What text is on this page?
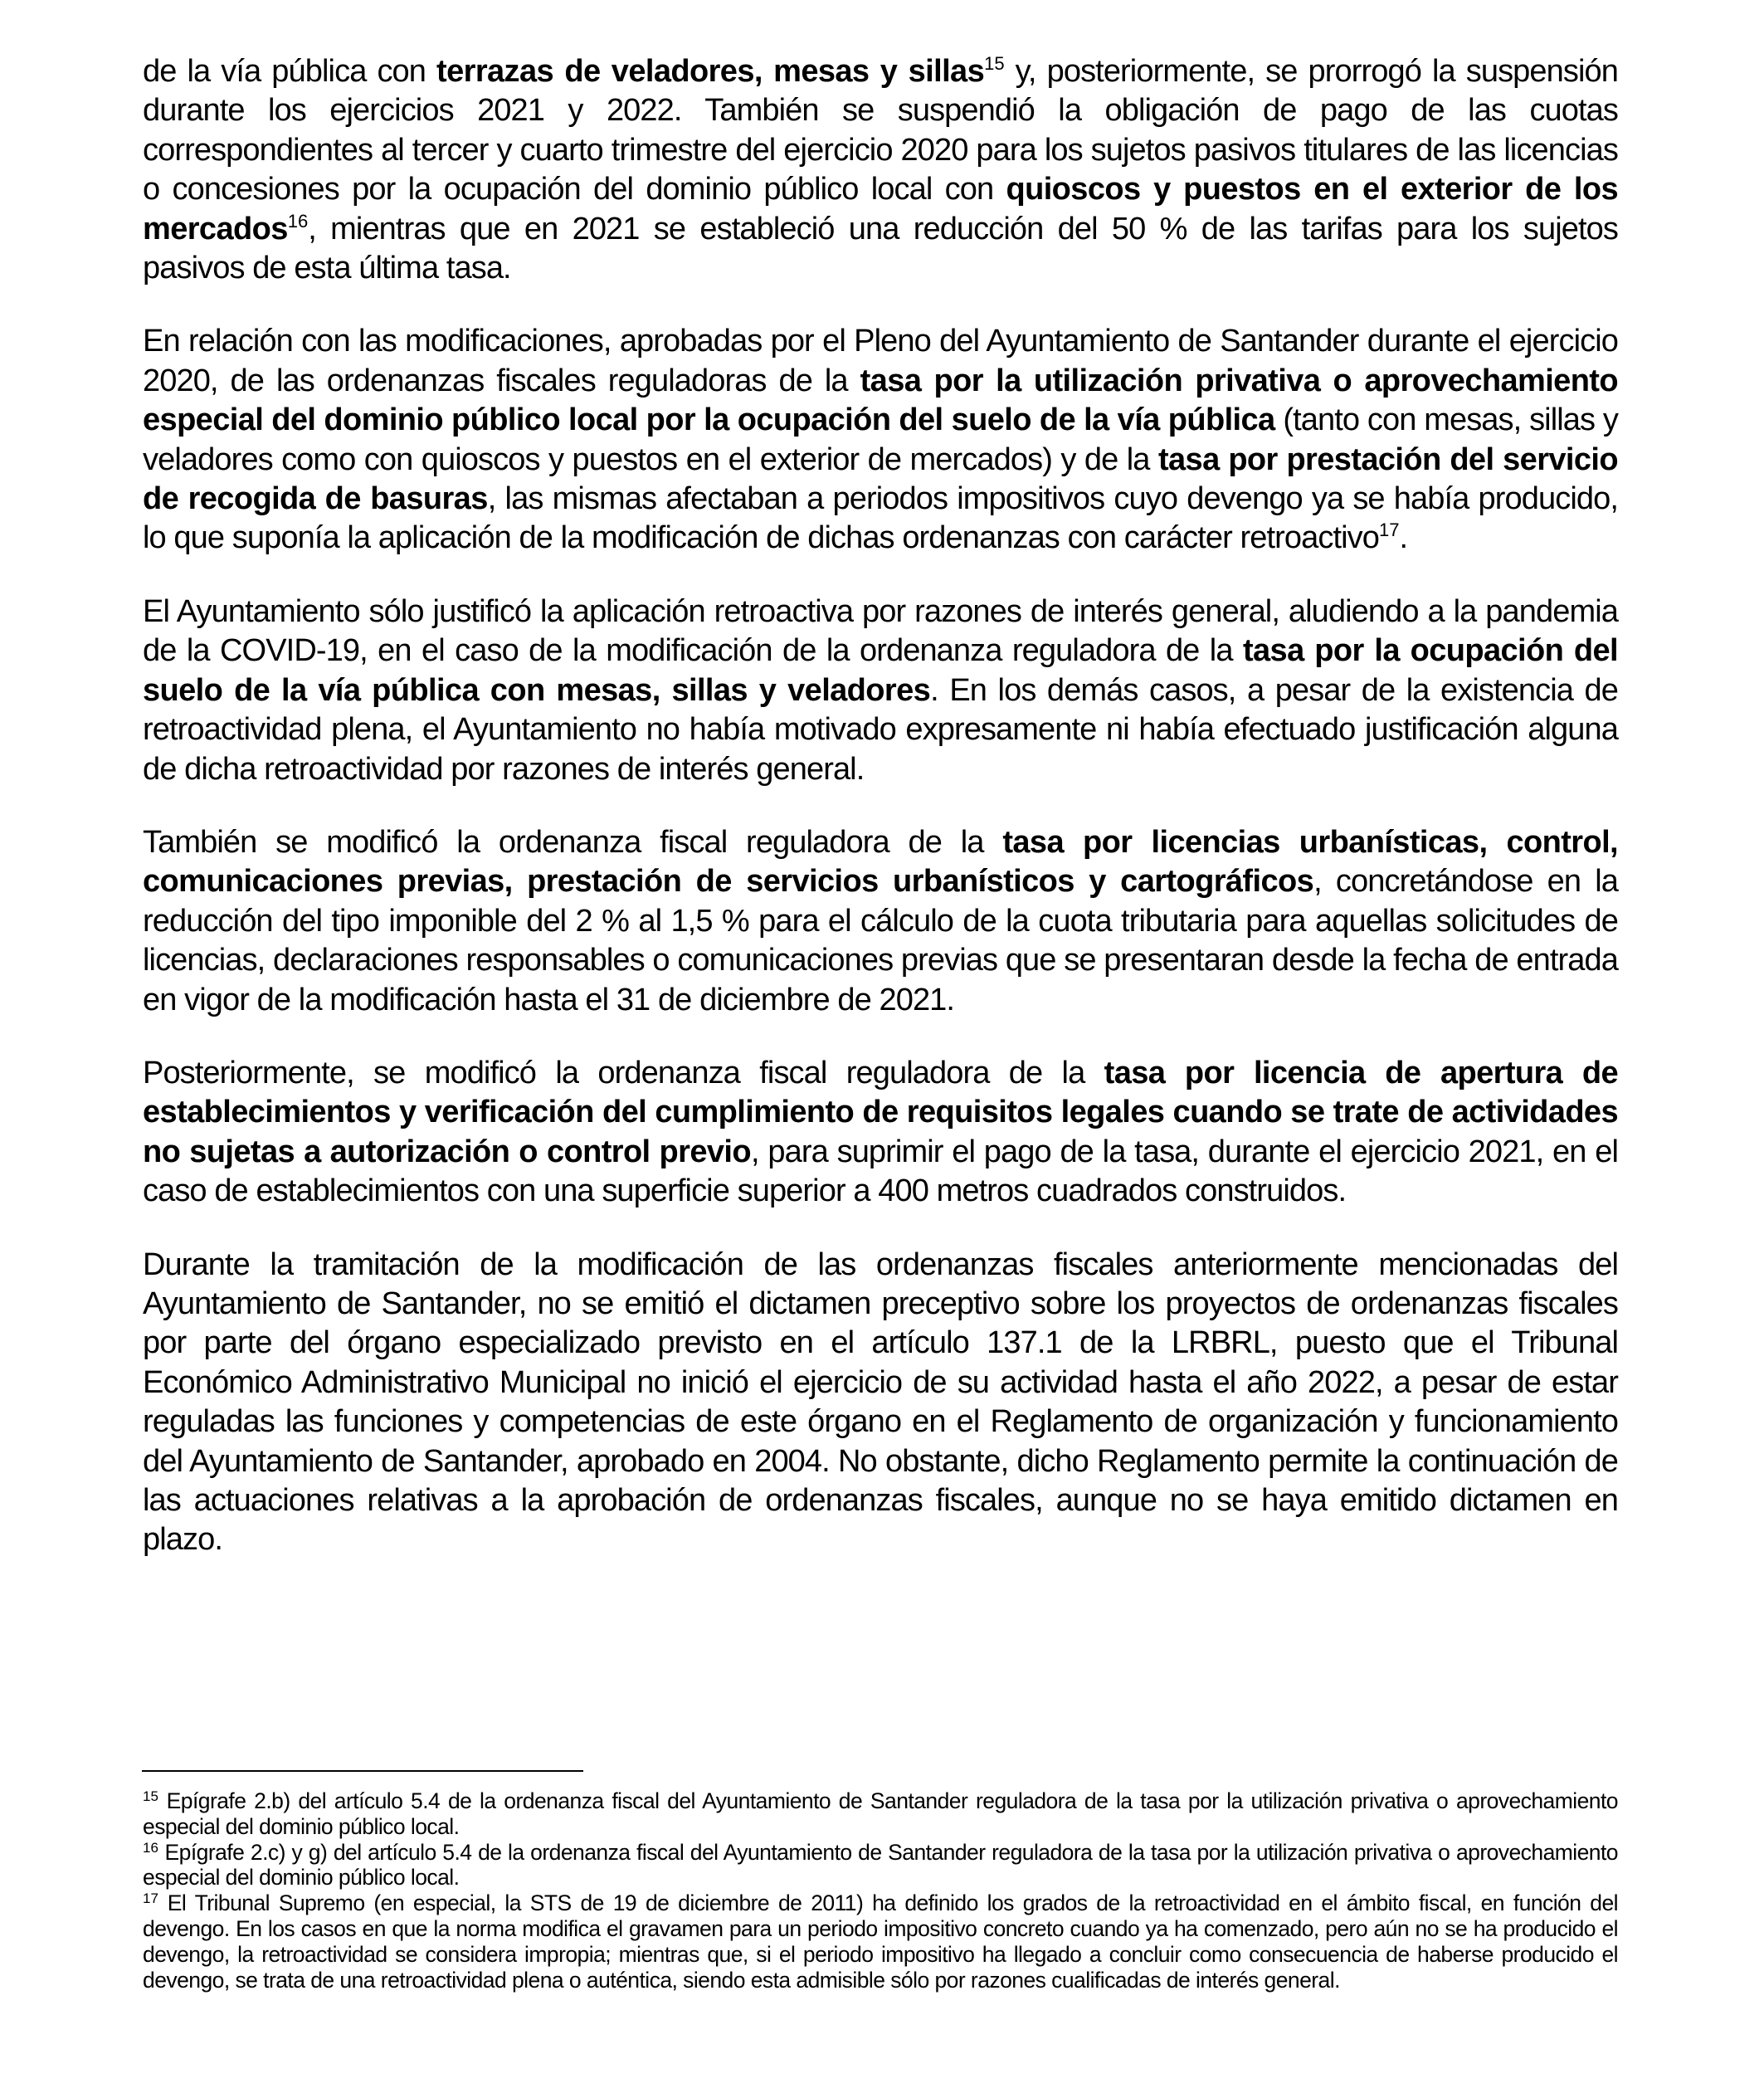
de la vía pública con terrazas de veladores, mesas y sillas$^{15}$ y, posteriormente, se prorrogó la suspensión durante los ejercicios 2021 y 2022. También se suspendió la obligación de pago de las cuotas correspondientes al tercer y cuarto trimestre del ejercicio 2020 para los sujetos pasivos titulares de las licencias o concesiones por la ocupación del dominio público local con quioscos y puestos en el exterior de los mercados$^{16}$, mientras que en 2021 se estableció una reducción del 50 % de las tarifas para los sujetos pasivos de esta última tasa.

En relación con las modificaciones, aprobadas por el Pleno del Ayuntamiento de Santander durante el ejercicio 2020, de las ordenanzas fiscales reguladoras de la tasa por la utilización privativa o aprovechamiento especial del dominio público local por la ocupación del suelo de la vía pública (tanto con mesas, sillas y veladores como con quioscos y puestos en el exterior de mercados) y de la tasa por prestación del servicio de recogida de basuras, las mismas afectaban a periodos impositivos cuyo devengo ya se había producido, lo que suponía la aplicación de la modificación de dichas ordenanzas con carácter retroactivo$^{17}$.

El Ayuntamiento sólo justificó la aplicación retroactiva por razones de interés general, aludiendo a la pandemia de la COVID-19, en el caso de la modificación de la ordenanza reguladora de la tasa por la ocupación del suelo de la vía pública con mesas, sillas y veladores. En los demás casos, a pesar de la existencia de retroactividad plena, el Ayuntamiento no había motivado expresamente ni había efectuado justificación alguna de dicha retroactividad por razones de interés general.

También se modificó la ordenanza fiscal reguladora de la tasa por licencias urbanísticas, control, comunicaciones previas, prestación de servicios urbanísticos y cartográficos, concretándose en la reducción del tipo imponible del 2 % al 1,5 % para el cálculo de la cuota tributaria para aquellas solicitudes de licencias, declaraciones responsables o comunicaciones previas que se presentaran desde la fecha de entrada en vigor de la modificación hasta el 31 de diciembre de 2021.

Posteriormente, se modificó la ordenanza fiscal reguladora de la tasa por licencia de apertura de establecimientos y verificación del cumplimiento de requisitos legales cuando se trate de actividades no sujetas a autorización o control previo, para suprimir el pago de la tasa, durante el ejercicio 2021, en el caso de establecimientos con una superficie superior a 400 metros cuadrados construidos.

Durante la tramitación de la modificación de las ordenanzas fiscales anteriormente mencionadas del Ayuntamiento de Santander, no se emitió el dictamen preceptivo sobre los proyectos de ordenanzas fiscales por parte del órgano especializado previsto en el artículo 137.1 de la LRBRL, puesto que el Tribunal Económico Administrativo Municipal no inició el ejercicio de su actividad hasta el año 2022, a pesar de estar reguladas las funciones y competencias de este órgano en el Reglamento de organización y funcionamiento del Ayuntamiento de Santander, aprobado en 2004. No obstante, dicho Reglamento permite la continuación de las actuaciones relativas a la aprobación de ordenanzas fiscales, aunque no se haya emitido dictamen en plazo.

$^{15}$ Epígrafe 2.b) del artículo 5.4 de la ordenanza fiscal del Ayuntamiento de Santander reguladora de la tasa por la utilización privativa o aprovechamiento especial del dominio público local.

$^{16}$ Epígrafe 2.c) y g) del artículo 5.4 de la ordenanza fiscal del Ayuntamiento de Santander reguladora de la tasa por la utilización privativa o aprovechamiento especial del dominio público local.

$^{17}$ El Tribunal Supremo (en especial, la STS de 19 de diciembre de 2011) ha definido los grados de la retroactividad en el ámbito fiscal, en función del devengo. En los casos en que la norma modifica el gravamen para un periodo impositivo concreto cuando ya ha comenzado, pero aún no se ha producido el devengo, la retroactividad se considera impropia; mientras que, si el periodo impositivo ha llegado a concluir como consecuencia de haberse producido el devengo, se trata de una retroactividad plena o auténtica, siendo esta admisible sólo por razones cualificadas de interés general.
